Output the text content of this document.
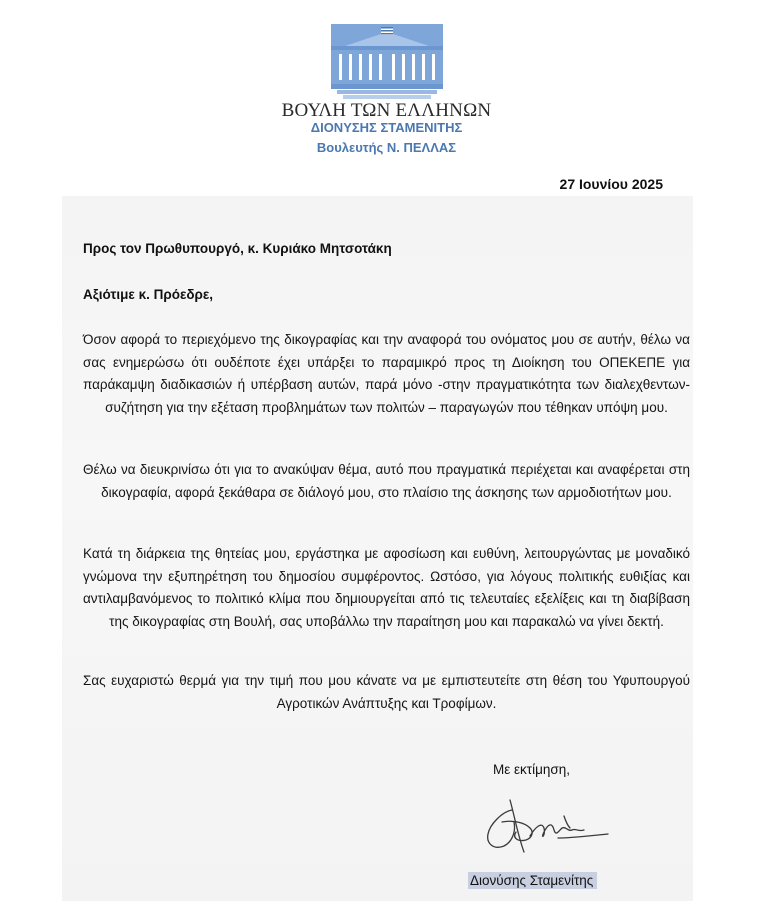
ΒΟΥΛΗ ΤΩΝ ΕΛΛΗΝΩΝ
ΔΙΟΝΥΣΗΣ ΣΤΑΜΕΝΙΤΗΣ
Βουλευτής Ν. ΠΕΛΛΑΣ
27 Ιουνίου 2025
Προς τον Πρωθυπουργό, κ. Κυριάκο Μητσοτάκη
Αξιότιμε κ. Πρόεδρε,
Όσον αφορά το περιεχόμενο της δικογραφίας και την αναφορά του ονόματος μου σε αυτήν, θέλω να σας ενημερώσω ότι ουδέποτε έχει υπάρξει το παραμικρό προς τη Διοίκηση του ΟΠΕΚΕΠΕ για παράκαμψη διαδικασιών ή υπέρβαση αυτών, παρά μόνο -στην πραγματικότητα των διαλεχθεντων- συζήτηση για την εξέταση προβλημάτων των πολιτών – παραγωγών που τέθηκαν υπόψη μου.
Θέλω να διευκρινίσω ότι για το ανακύψαν θέμα, αυτό που πραγματικά περιέχεται και αναφέρεται στη δικογραφία, αφορά ξεκάθαρα σε διάλογό μου, στο πλαίσιο της άσκησης των αρμοδιοτήτων μου.
Κατά τη διάρκεια της θητείας μου, εργάστηκα με αφοσίωση και ευθύνη, λειτουργώντας με μοναδικό γνώμονα την εξυπηρέτηση του δημοσίου συμφέροντος. Ωστόσο, για λόγους πολιτικής ευθιξίας και αντιλαμβανόμενος το πολιτικό κλίμα που δημιουργείται από τις τελευταίες εξελίξεις και τη διαβίβαση της δικογραφίας στη Βουλή, σας υποβάλλω την παραίτηση μου και παρακαλώ να γίνει δεκτή.
Σας ευχαριστώ θερμά για την τιμή που μου κάνατε να με εμπιστευτείτε στη θέση του Υφυπουργού Αγροτικών Ανάπτυξης και Τροφίμων.
Με εκτίμηση,
Διονύσης Σταμενίτης
